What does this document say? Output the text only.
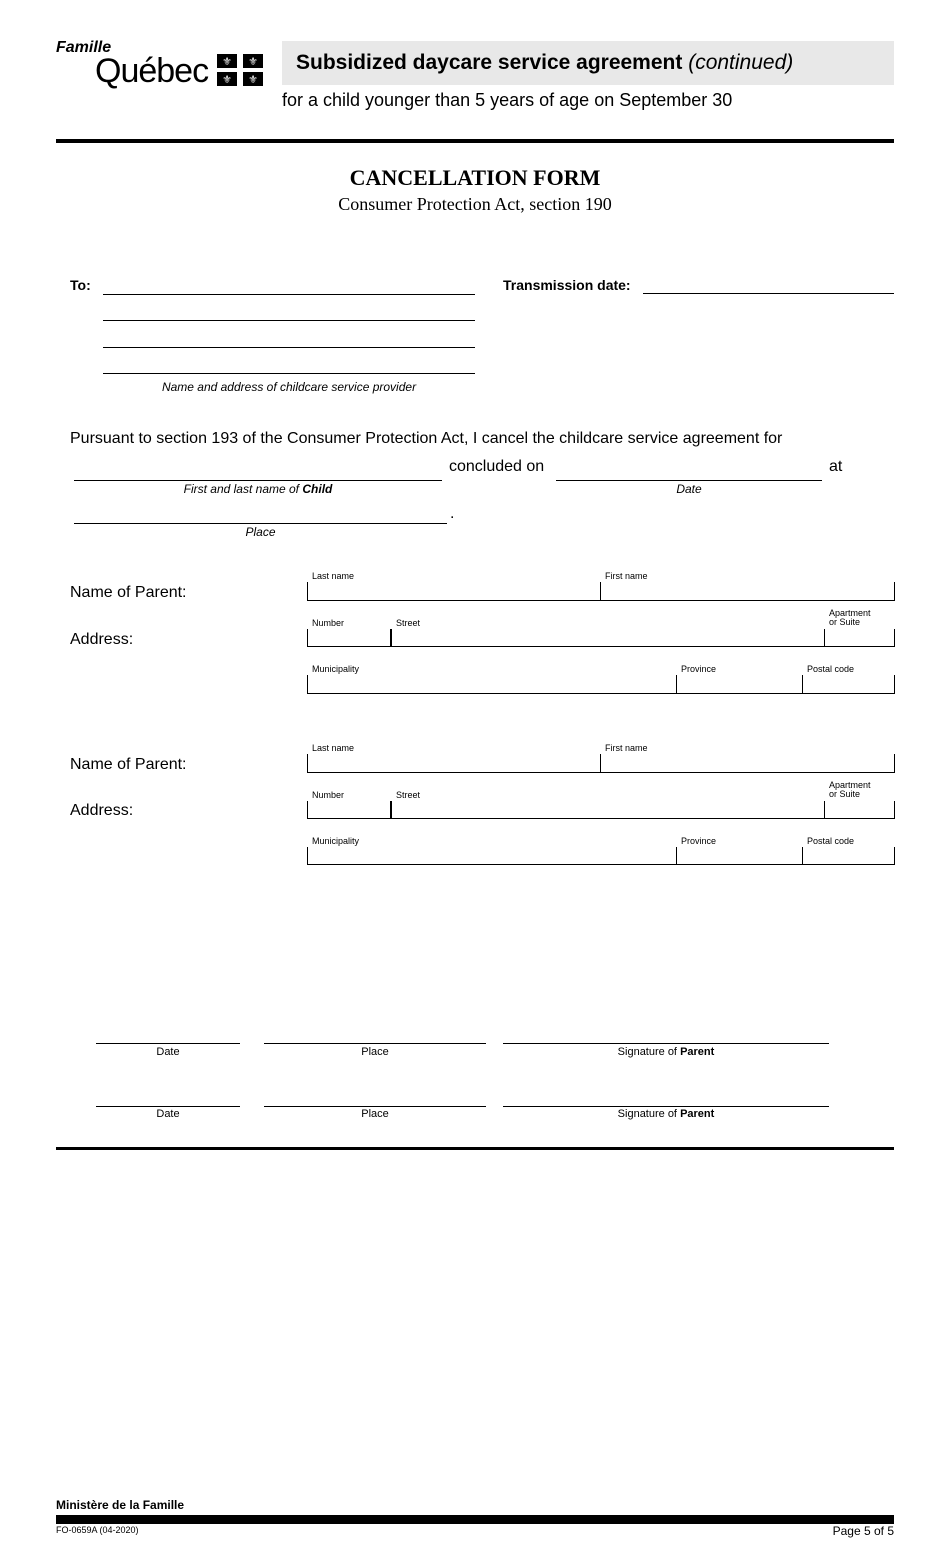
Famille
Québec ⚜ ⚜
⚜ ⚜
Subsidized daycare service agreement (continued)
for a child younger than 5 years of age on September 30
CANCELLATION FORM
Consumer Protection Act, section 190
To:
Name and address of childcare service provider
Transmission date:
Pursuant to section 193 of the Consumer Protection Act, I cancel the childcare service agreement for
concluded on	at
First and last name of Child	Date
.
Place
Name of Parent:
Address:
Last name	First name
Number	Street
Apartment
or Suite
Municipality	Province	Postal code
Name of Parent:
Address:
Last name	First name
Number	Street
Apartment
or Suite
Municipality	Province	Postal code
Date	Place	Signature of Parent
Date	Place	Signature of Parent
Ministère de la Famille
FO-0659A (04-2020)	Page 5 of 5
